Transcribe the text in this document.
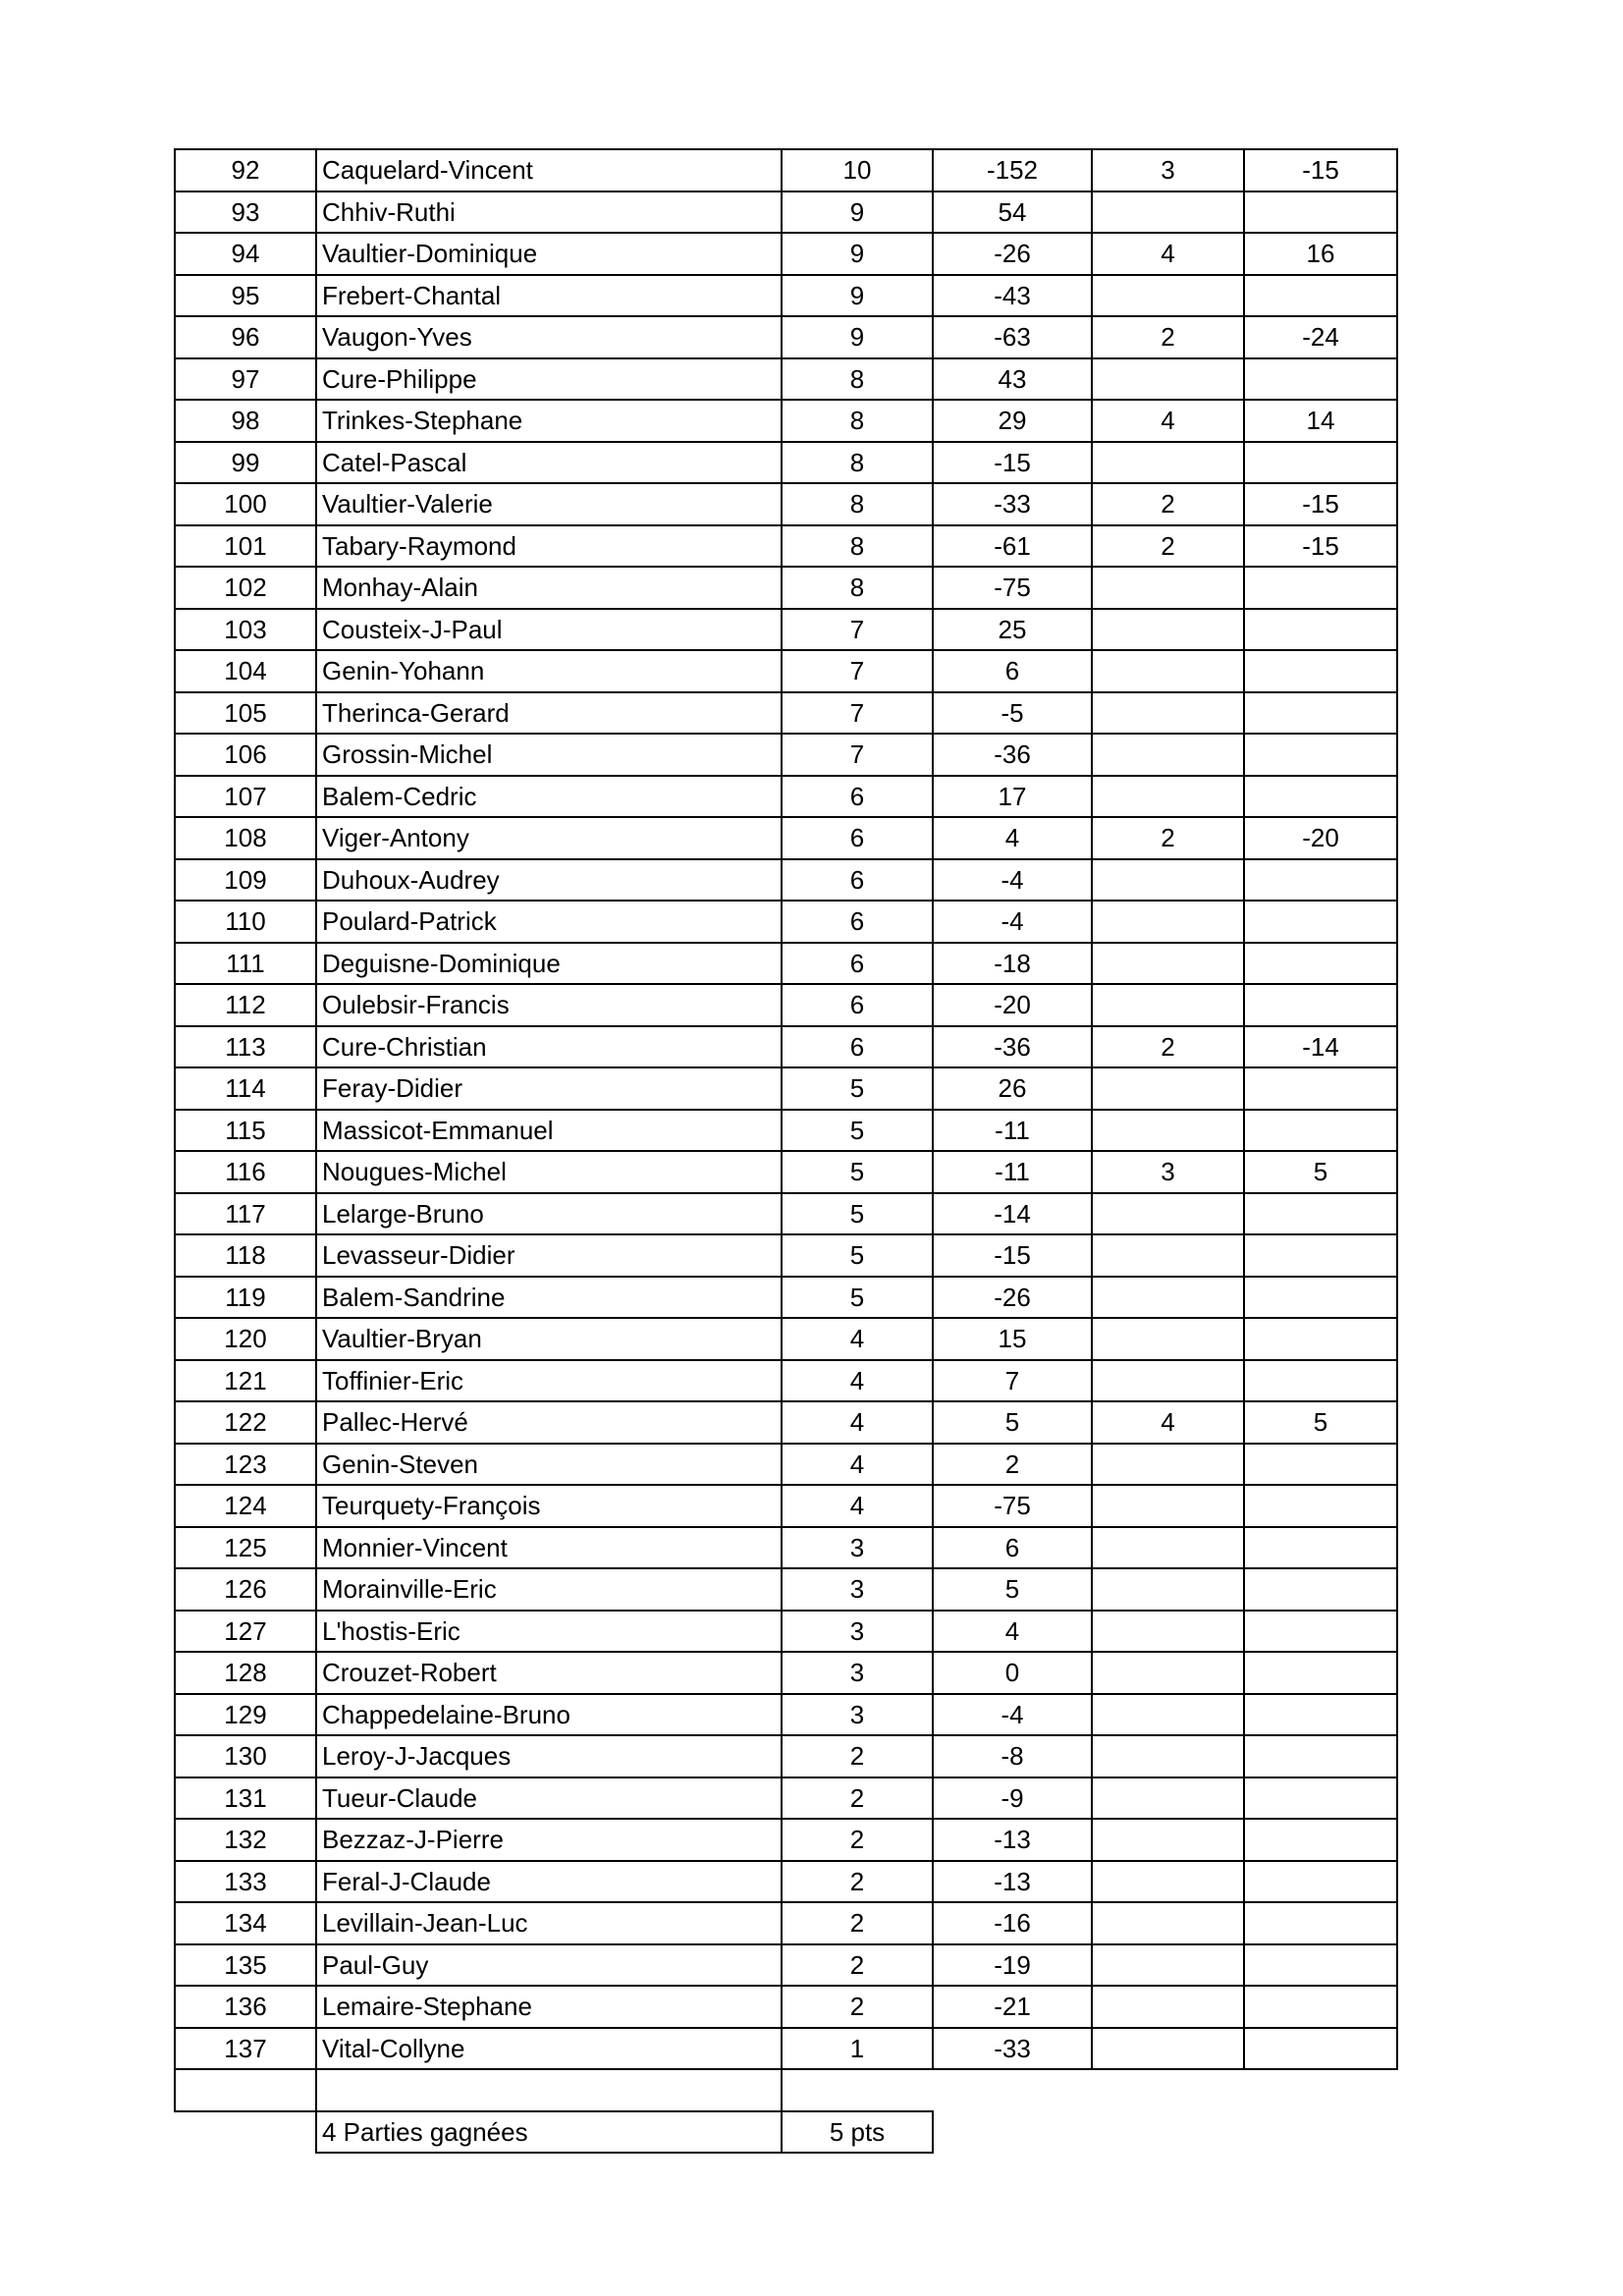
92	Caquelard-Vincent	10	-152	3	-15
93	Chhiv-Ruthi	9	54		
94	Vaultier-Dominique	9	-26	4	16
95	Frebert-Chantal	9	-43		
96	Vaugon-Yves	9	-63	2	-24
97	Cure-Philippe	8	43		
98	Trinkes-Stephane	8	29	4	14
99	Catel-Pascal	8	-15		
100	Vaultier-Valerie	8	-33	2	-15
101	Tabary-Raymond	8	-61	2	-15
102	Monhay-Alain	8	-75		
103	Cousteix-J-Paul	7	25		
104	Genin-Yohann	7	6		
105	Therinca-Gerard	7	-5		
106	Grossin-Michel	7	-36		
107	Balem-Cedric	6	17		
108	Viger-Antony	6	4	2	-20
109	Duhoux-Audrey	6	-4		
110	Poulard-Patrick	6	-4		
111	Deguisne-Dominique	6	-18		
112	Oulebsir-Francis	6	-20		
113	Cure-Christian	6	-36	2	-14
114	Feray-Didier	5	26		
115	Massicot-Emmanuel	5	-11		
116	Nougues-Michel	5	-11	3	5
117	Lelarge-Bruno	5	-14		
118	Levasseur-Didier	5	-15		
119	Balem-Sandrine	5	-26		
120	Vaultier-Bryan	4	15		
121	Toffinier-Eric	4	7		
122	Pallec-Hervé	4	5	4	5
123	Genin-Steven	4	2		
124	Teurquety-François	4	-75		
125	Monnier-Vincent	3	6		
126	Morainville-Eric	3	5		
127	L'hostis-Eric	3	4		
128	Crouzet-Robert	3	0		
129	Chappedelaine-Bruno	3	-4		
130	Leroy-J-Jacques	2	-8		
131	Tueur-Claude	2	-9		
132	Bezzaz-J-Pierre	2	-13		
133	Feral-J-Claude	2	-13		
134	Levillain-Jean-Luc	2	-16		
135	Paul-Guy	2	-19		
136	Lemaire-Stephane	2	-21		
137	Vital-Collyne	1	-33		

	4 Parties gagnées	5 pts			
